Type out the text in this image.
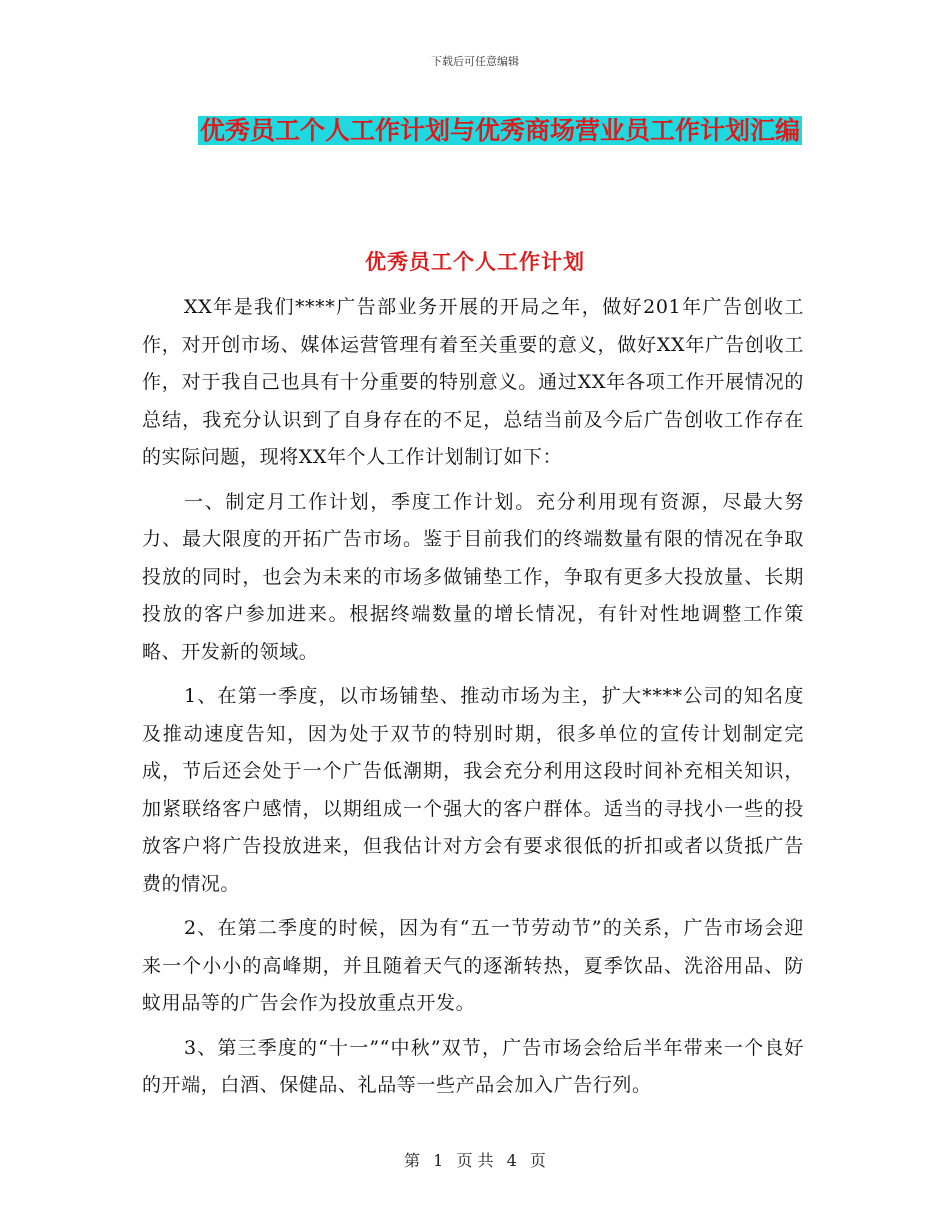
下载后可任意编辑
优秀员工个人工作计划与优秀商场营业员工作计划汇编
优秀员工个人工作计划

XX年是我们****广告部业务开展的开局之年，做好201年广告创收工作，对开创市场、媒体运营管理有着至关重要的意义，做好XX年广告创收工作，对于我自己也具有十分重要的特别意义。通过XX年各项工作开展情况的总结，我充分认识到了自身存在的不足，总结当前及今后广告创收工作存在的实际问题，现将XX年个人工作计划制订如下：

一、制定月工作计划，季度工作计划。充分利用现有资源，尽最大努力、最大限度的开拓广告市场。鉴于目前我们的终端数量有限的情况在争取投放的同时，也会为未来的市场多做铺垫工作，争取有更多大投放量、长期投放的客户参加进来。根据终端数量的增长情况，有针对性地调整工作策略、开发新的领域。

1、在第一季度，以市场铺垫、推动市场为主，扩大****公司的知名度及推动速度告知，因为处于双节的特别时期，很多单位的宣传计划制定完成，节后还会处于一个广告低潮期，我会充分利用这段时间补充相关知识，加紧联络客户感情，以期组成一个强大的客户群体。适当的寻找小一些的投放客户将广告投放进来，但我估计对方会有要求很低的折扣或者以货抵广告费的情况。

2、在第二季度的时候，因为有“五一节劳动节”的关系，广告市场会迎来一个小小的高峰期，并且随着天气的逐渐转热，夏季饮品、洗浴用品、防蚊用品等的广告会作为投放重点开发。

3、第三季度的“十一”“中秋”双节，广告市场会给后半年带来一个良好的开端，白酒、保健品、礼品等一些产品会加入广告行列。

第 1 页 共 4 页
